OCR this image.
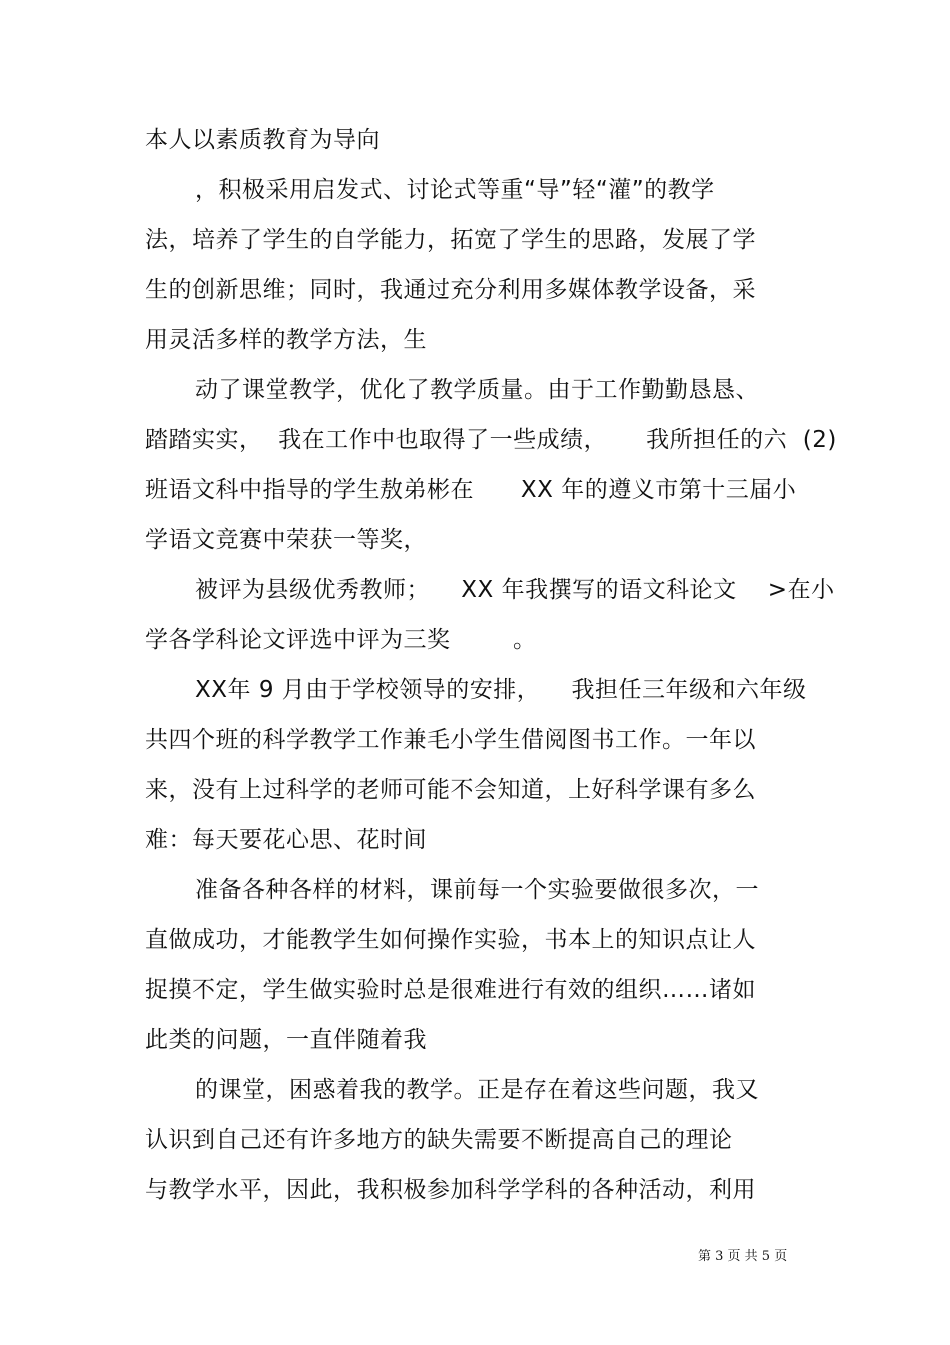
本人以素质教育为导向
，积极采用启发式、讨论式等重“导”轻“灌”的教学
法，培养了学生的自学能力，拓宽了学生的思路，发展了学
生的创新思维；同时，我通过充分利用多媒体教学设备，采
用灵活多样的教学方法，生
动了课堂教学，优化了教学质量。由于工作勤勤恳恳、
踏踏实实，  我在工作中也取得了一些成绩，     我所担任的六  (2)
班语文科中指导的学生敖弟彬在      XX 年的遵义市第十三届小
学语文竞赛中荣获一等奖，
被评为县级优秀教师；    XX 年我撰写的语文科论文    >在小
学各学科论文评选中评为三奖        。
XX年 9 月由于学校领导的安排，    我担任三年级和六年级
共四个班的科学教学工作兼毛小学生借阅图书工作。一年以
来，没有上过科学的老师可能不会知道，上好科学课有多么
难：每天要花心思、花时间
准备各种各样的材料，课前每一个实验要做很多次，一
直做成功，才能教学生如何操作实验，书本上的知识点让人
捉摸不定，学生做实验时总是很难进行有效的组织……诸如
此类的问题，一直伴随着我
的课堂，困惑着我的教学。正是存在着这些问题，我又
认识到自己还有许多地方的缺失需要不断提高自己的理论
与教学水平，因此，我积极参加科学学科的各种活动，利用
第 3 页 共 5 页
